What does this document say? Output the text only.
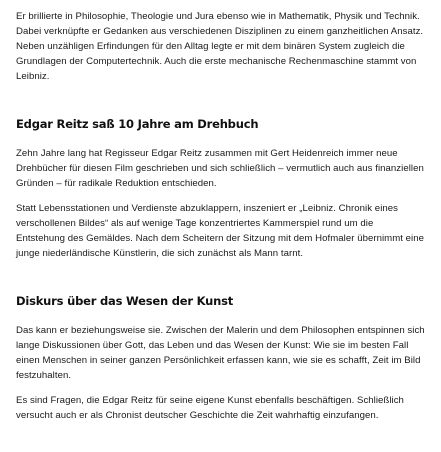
Er brillierte in Philosophie, Theologie und Jura ebenso wie in Mathematik, Physik und Technik. Dabei verknüpfte er Gedanken aus verschiedenen Disziplinen zu einem ganzheitlichen Ansatz. Neben unzähligen Erfindungen für den Alltag legte er mit dem binären System zugleich die Grundlagen der Computertechnik. Auch die erste mechanische Rechenmaschine stammt von Leibniz.

Edgar Reitz saß 10 Jahre am Drehbuch

Zehn Jahre lang hat Regisseur Edgar Reitz zusammen mit Gert Heidenreich immer neue Drehbücher für diesen Film geschrieben und sich schließlich – vermutlich auch aus finanziellen Gründen – für radikale Reduktion entschieden.

Statt Lebensstationen und Verdienste abzuklappern, inszeniert er „Leibniz. Chronik eines verschollenen Bildes“ als auf wenige Tage konzentriertes Kammerspiel rund um die Entstehung des Gemäldes. Nach dem Scheitern der Sitzung mit dem Hofmaler übernimmt eine junge niederländische Künstlerin, die sich zunächst als Mann tarnt.

Diskurs über das Wesen der Kunst

Das kann er beziehungsweise sie. Zwischen der Malerin und dem Philosophen entspinnen sich lange Diskussionen über Gott, das Leben und das Wesen der Kunst: Wie sie im besten Fall einen Menschen in seiner ganzen Persönlichkeit erfassen kann, wie sie es schafft, Zeit im Bild festzuhalten.

Es sind Fragen, die Edgar Reitz für seine eigene Kunst ebenfalls beschäftigen. Schließlich versucht auch er als Chronist deutscher Geschichte die Zeit wahrhaftig einzufangen.
